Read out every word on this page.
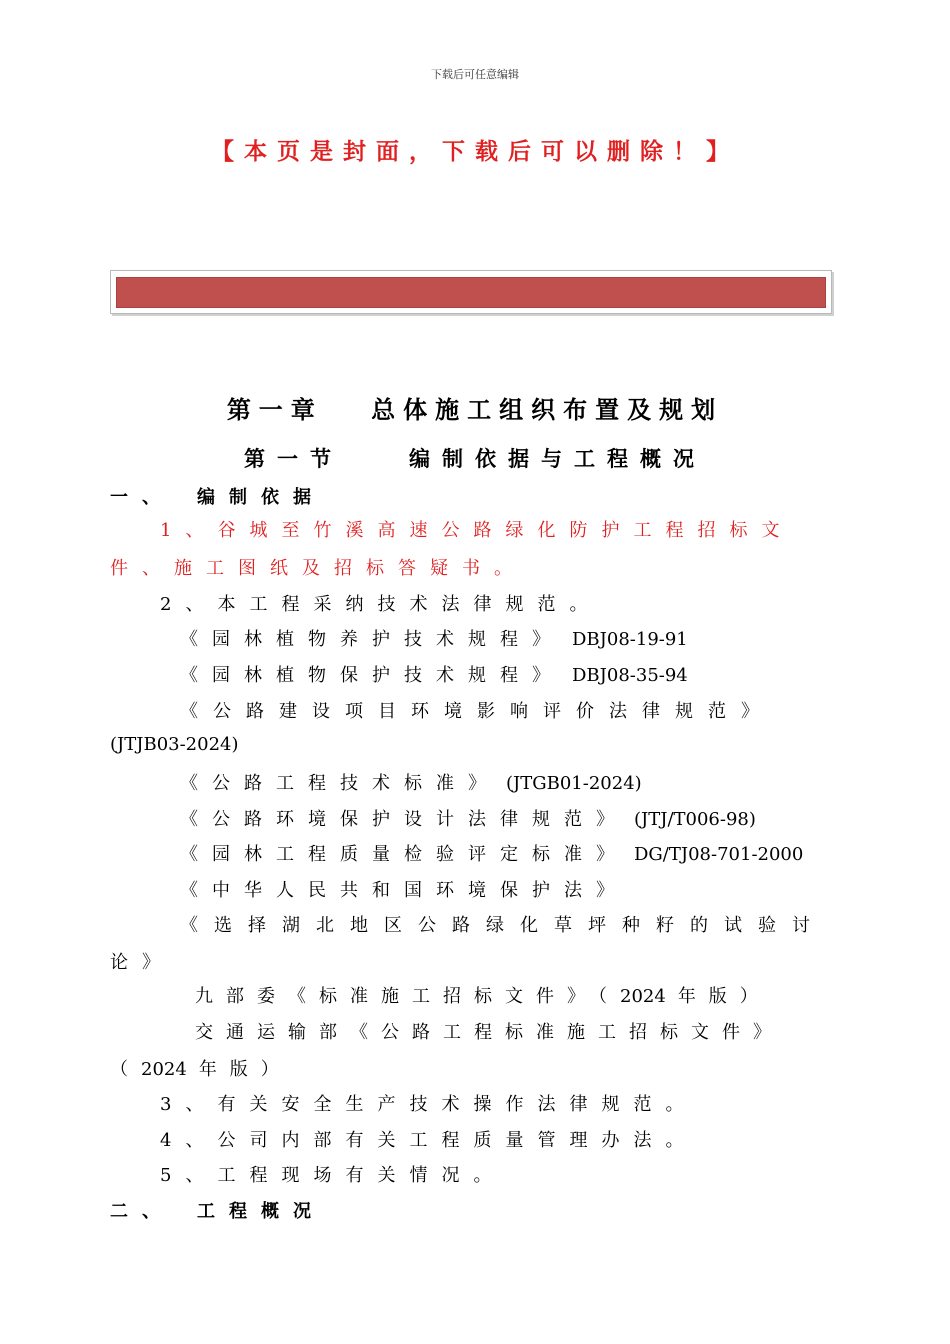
下载后可任意编辑
【本页是封面，下载后可以删除！】
第一章　 总体施工组织布置及规划
第一节　　编制依据与工程概况
一、　编制依据
1、谷城至竹溪高速公路绿化防护工程招标文
件、施工图纸及招标答疑书。
2、本工程采纳技术法律规范。
《园林植物养护技术规程》 DBJ08-19-91
《园林植物保护技术规程》 DBJ08-35-94
《公路建设项目环境影响评价法律规范》
(JTJB03-2024)
《公路工程技术标准》 (JTGB01-2024)
《公路环境保护设计法律规范》 (JTJ/T006-98)
《园林工程质量检验评定标准》 DG/TJ08-701-2000
《中华人民共和国环境保护法》
《选择湖北地区公路绿化草坪种籽的试验讨
论》
九部委《标准施工招标文件》（2024 年版）
交通运输部《公路工程标准施工招标文件》
（2024 年版）
3、有关安全生产技术操作法律规范。
4、公司内部有关工程质量管理办法。
5、工程现场有关情况。
二、　工程概况
